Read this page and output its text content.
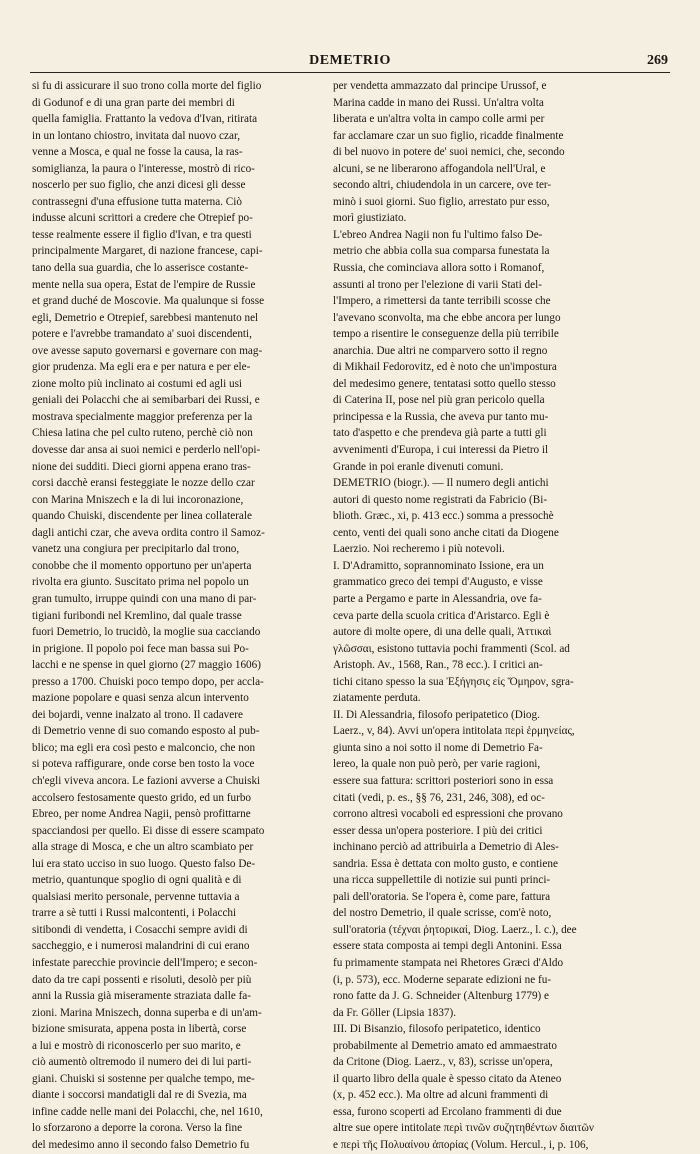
DEMETRIO	269
si fu di assicurare il suo trono colla morte del figlio
di Godunof e di una gran parte dei membri di
quella famiglia. Frattanto la vedova d'Ivan, ritirata
in un lontano chiostro, invitata dal nuovo czar,
venne a Mosca, e qual ne fosse la causa, la ras-
somiglianza, la paura o l'interesse, mostrò di rico-
noscerlo per suo figlio, che anzi dicesi gli desse
contrassegni d'una effusione tutta materna. Ciò
indusse alcuni scrittori a credere che Otrepief po-
tesse realmente essere il figlio d'Ivan, e tra questi
principalmente Margaret, di nazione francese, capi-
tano della sua guardia, che lo asserisce costante-
mente nella sua opera, Estat de l'empire de Russie
et grand duché de Moscovie. Ma qualunque si fosse
egli, Demetrio e Otrepief, sarebbesi mantenuto nel
potere e l'avrebbe tramandato a' suoi discendenti,
ove avesse saputo governarsi e governare con mag-
gior prudenza. Ma egli era e per natura e per ele-
zione molto più inclinato ai costumi ed agli usi
geniali dei Polacchi che ai semibarbari dei Russi, e
mostrava specialmente maggior preferenza per la
Chiesa latina che pel culto ruteno, perchè ciò non
dovesse dar ansa ai suoi nemici e perderlo nell'opi-
nione dei sudditi. Dieci giorni appena erano tras-
corsi dacchè eransi festeggiate le nozze dello czar
con Marina Mniszech e la di lui incoronazione,
quando Chuiski, discendente per linea collaterale
dagli antichi czar, che aveva ordita contro il Samoz-
vanetz una congiura per precipitarlo dal trono,
conobbe che il momento opportuno per un'aperta
rivolta era giunto. Suscitato prima nel popolo un
gran tumulto, irruppe quindi con una mano di par-
tigiani furibondi nel Kremlino, dal quale trasse
fuori Demetrio, lo trucidò, la moglie sua cacciando
in prigione. Il popolo poi fece man bassa sui Po-
lacchi e ne spense in quel giorno (27 maggio 1606)
presso a 1700. Chuiski poco tempo dopo, per accla-
mazione popolare e quasi senza alcun intervento
dei bojardi, venne inalzato al trono. Il cadavere
di Demetrio venne di suo comando esposto al pub-
blico; ma egli era così pesto e malconcio, che non
si poteva raffigurare, onde corse ben tosto la voce
ch'egli viveva ancora. Le fazioni avverse a Chuiski
accolsero festosamente questo grido, ed un furbo
Ebreo, per nome Andrea Nagii, pensò profittarne
spacciandosi per quello. Ei disse di essere scampato
alla strage di Mosca, e che un altro scambiato per
lui era stato ucciso in suo luogo. Questo falso De-
metrio, quantunque spoglio di ogni qualità e di
qualsiasi merito personale, pervenne tuttavia a
trarre a sè tutti i Russi malcontenti, i Polacchi
sitibondi di vendetta, i Cosacchi sempre avidi di
saccheggio, e i numerosi malandrini di cui erano
infestate parecchie provincie dell'Impero; e secon-
dato da tre capi possenti e risoluti, desolò per più
anni la Russia già miseramente straziata dalle fa-
zioni. Marina Mniszech, donna superba e di un'am-
bizione smisurata, appena posta in libertà, corse
a lui e mostrò di riconoscerlo per suo marito, e
ciò aumentò oltremodo il numero dei di lui parti-
giani. Chuiski si sostenne per qualche tempo, me-
diante i soccorsi mandatigli dal re di Svezia, ma
infine cadde nelle mani dei Polacchi, che, nel 1610,
lo sforzarono a deporre la corona. Verso la fine
del medesimo anno il secondo falso Demetrio fu
per vendetta ammazzato dal principe Urussof, e
Marina cadde in mano dei Russi. Un'altra volta
liberata e un'altra volta in campo colle armi per
far acclamare czar un suo figlio, ricadde finalmente
di bel nuovo in potere de' suoi nemici, che, secondo
alcuni, se ne liberarono affogandola nell'Ural, e
secondo altri, chiudendola in un carcere, ove ter-
minò i suoi giorni. Suo figlio, arrestato pur esso,
morì giustiziato.
L'ebreo Andrea Nagii non fu l'ultimo falso De-
metrio che abbia colla sua comparsa funestata la
Russia, che cominciava allora sotto i Romanof,
assunti al trono per l'elezione di varii Stati del-
l'Impero, a rimettersi da tante terribili scosse che
l'avevano sconvolta, ma che ebbe ancora per lungo
tempo a risentire le conseguenze della più terribile
anarchia. Due altri ne comparvero sotto il regno
di Mikhail Fedorovitz, ed è noto che un'impostura
del medesimo genere, tentatasi sotto quello stesso
di Caterina II, pose nel più gran pericolo quella
principessa e la Russia, che aveva pur tanto mu-
tato d'aspetto e che prendeva già parte a tutti gli
avvenimenti d'Europa, i cui interessi da Pietro il
Grande in poi eranle divenuti comuni.
DEMETRIO (biogr.). — Il numero degli antichi
autori di questo nome registrati da Fabricio (Bi-
blioth. Græc., xi, p. 413 ecc.) somma a pressochè
cento, venti dei quali sono anche citati da Diogene
Laerzio. Noi recheremo i più notevoli.
I. D'Adramitto, soprannominato Issione, era un
grammatico greco dei tempi d'Augusto, e visse
parte a Pergamo e parte in Alessandria, ove fa-
ceva parte della scuola critica d'Aristarco. Egli è
autore di molte opere, di una delle quali, Ἀττικαὶ
γλῶσσαι, esistono tuttavia pochi frammenti (Scol. ad
Aristoph. Av., 1568, Ran., 78 ecc.). I critici an-
tichi citano spesso la sua Ἐξήγησις εἰς Ὅμηρον, sgra-
ziatamente perduta.
II. Di Alessandria, filosofo peripatetico (Diog.
Laerz., v, 84). Avvi un'opera intitolata περὶ ἑρμηνείας,
giunta sino a noi sotto il nome di Demetrio Fa-
lereo, la quale non può però, per varie ragioni,
essere sua fattura: scrittori posteriori sono in essa
citati (vedi, p. es., §§ 76, 231, 246, 308), ed oc-
corrono altresì vocaboli ed espressioni che provano
esser dessa un'opera posteriore. I più dei critici
inchinano perciò ad attribuirla a Demetrio di Ales-
sandria. Essa è dettata con molto gusto, e contiene
una ricca suppellettile di notizie sui punti princi-
pali dell'oratoria. Se l'opera è, come pare, fattura
del nostro Demetrio, il quale scrisse, com'è noto,
sull'oratoria (τέχναι ῥητορικαί, Diog. Laerz., l. c.), dee
essere stata composta ai tempi degli Antonini. Essa
fu primamente stampata nei Rhetores Græci d'Aldo
(i, p. 573), ecc. Moderne separate edizioni ne fu-
rono fatte da J. G. Schneider (Altenburg 1779) e
da Fr. Göller (Lipsia 1837).
III. Di Bisanzio, filosofo peripatetico, identico
probabilmente al Demetrio amato ed ammaestrato
da Critone (Diog. Laerz., v, 83), scrisse un'opera,
il quarto libro della quale è spesso citato da Ateneo
(x, p. 452 ecc.). Ma oltre ad alcuni frammenti di
essa, furono scoperti ad Ercolano frammenti di due
altre sue opere intitolate περὶ τινῶν συζητηθέντων διαιτῶν
e περὶ τῆς Πολυαίνου ἀπορίας (Volum. Hercul., i, p. 106,
